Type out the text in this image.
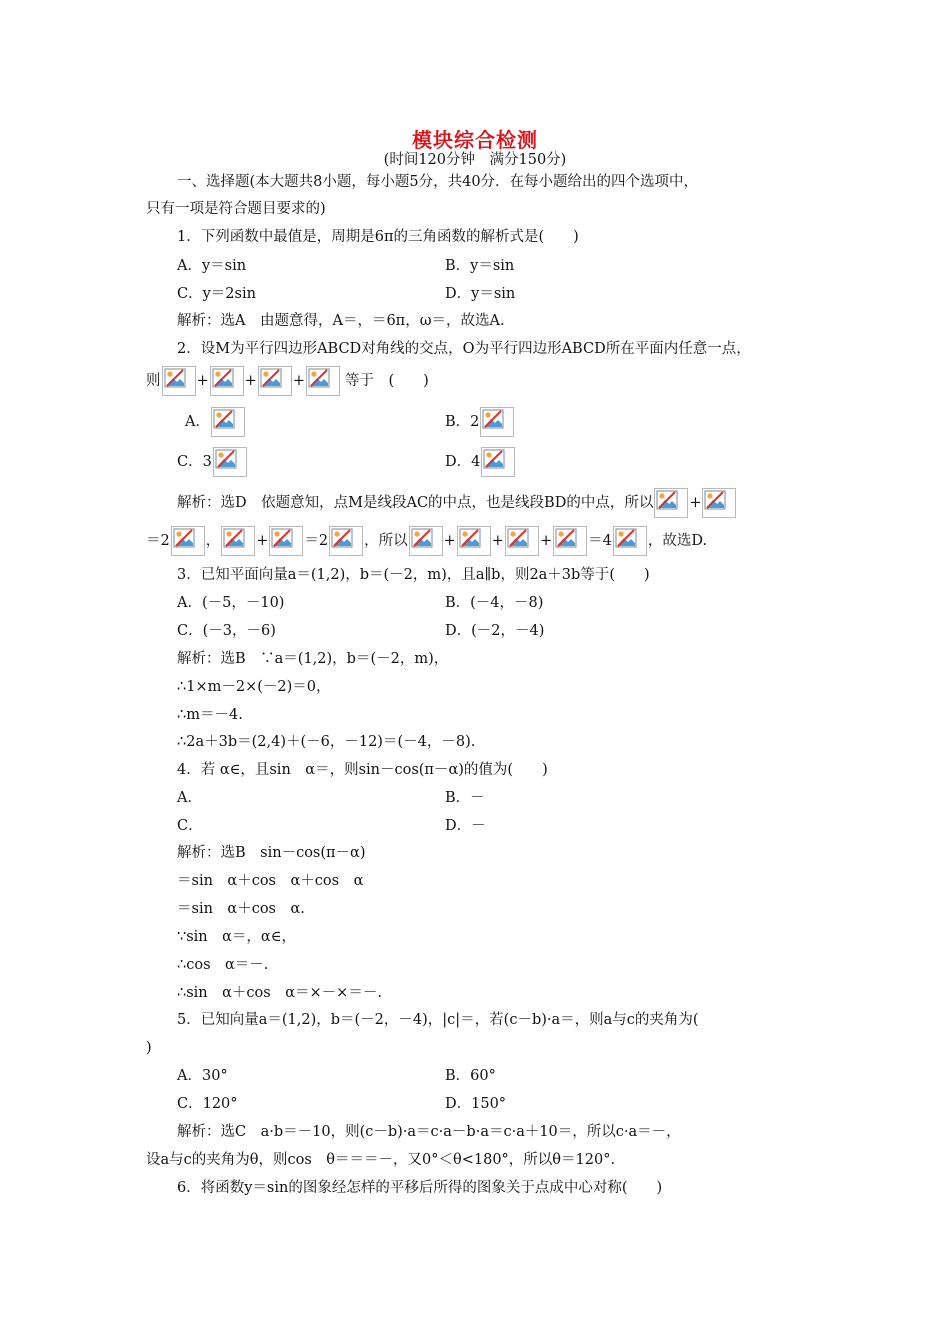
模块综合检测
(时间120分钟　满分150分)
一、选择题(本大题共8小题，每小题5分，共40分．在每小题给出的四个选项中，
只有一项是符合题目要求的)
1．下列函数中最值是，周期是6π的三角函数的解析式是(　　)
A．y＝sin	B．y＝sin
C．y＝2sin	D．y＝sin
解析：选A　由题意得，A＝，＝6π，ω＝，故选A.
2．设M为平行四边形ABCD对角线的交点，O为平行四边形ABCD所在平面内任意一点，
则 + + +	等于　(　　)
A．	B．2
C．3	D．4
解析：选D　依题意知，点M是线段AC的中点，也是线段BD的中点，所以 +
＝2 ， + ＝2 ，所以 + + + ＝4 ，故选D.
3．已知平面向量a＝(1,2)，b＝(－2，m)，且a∥b，则2a＋3b等于(　　)
A．(－5，－10)	B．(－4，－8)
C．(－3，－6)	D．(－2，－4)
解析：选B　∵a＝(1,2)，b＝(－2，m)，
∴1×m－2×(－2)＝0，
∴m＝－4.
∴2a＋3b＝(2,4)＋(－6，－12)＝(－4，－8).
4．若 α∈，且sin　α＝，则sin－cos(π－α)的值为(　　)
A．	B．－
C．	D．－
解析：选B　sin－cos(π－α)
＝sin　α＋cos　α＋cos　α
＝sin　α＋cos　α.
∵sin　α＝，α∈，
∴cos　α＝－.
∴sin　α＋cos　α＝×－×＝－.
5．已知向量a＝(1,2)，b＝(－2，－4)，|c|＝，若(c－b)·a＝，则a与c的夹角为(
)
A．30°	B．60°
C．120°	D．150°
解析：选C　a·b＝－10，则(c－b)·a＝c·a－b·a＝c·a＋10＝，所以c·a＝－，
设a与c的夹角为θ，则cos　θ＝＝＝－，又0°＜θ<180°，所以θ＝120°.
6．将函数y＝sin的图象经怎样的平移后所得的图象关于点成中心对称(　　)
